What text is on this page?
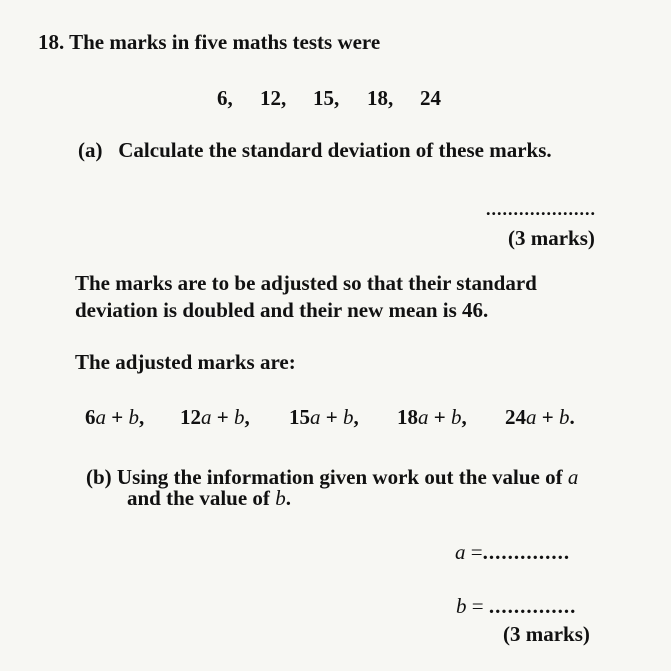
18. The marks in five maths tests were
6, 12, 15, 18, 24
(a) Calculate the standard deviation of these marks.
....................
(3 marks)
The marks are to be adjusted so that their standard
deviation is doubled and their new mean is 46.
The adjusted marks are:
6a + b, 12a + b, 15a + b, 18a + b, 24a + b.
(b) Using the information given work out the value of a
and the value of b.
a =..............
b = ..............
(3 marks)
